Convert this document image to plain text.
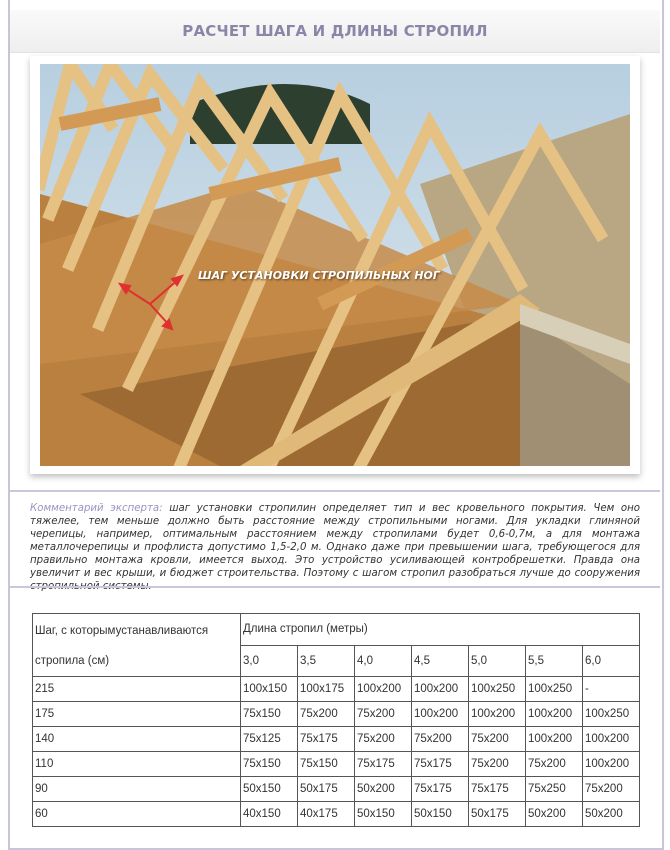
РАСЧЕТ ШАГА И ДЛИНЫ СТРОПИЛ
ШАГ УСТАНОВКИ СТРОПИЛЬНЫХ НОГ
Комментарий эксперта: шаг установки стропилин определяет тип и вес кровельного покрытия. Чем оно тяжелее, тем меньше должно быть расстояние между стропильными ногами. Для укладки глиняной черепицы, например, оптимальным расстоянием между стропилами будет 0,6-0,7м, а для монтажа металлочерепицы и профлиста допустимо 1,5-2,0 м. Однако даже при превышении шага, требующегося для правильно монтажа кровли, имеется выход. Это устройство усиливающей контробрешетки. Правда она увеличит и вес крыши, и бюджет строительства. Поэтому с шагом стропил разобраться лучше до сооружения
Шаг, с которымустанавливаются
стропила (см)	Длина стропил (метры)						
	3,0	3,5	4,0	4,5	5,0	5,5	6,0
215	100x150	100x175	100x200	100x200	100x250	100x250	-
175	75x150	75x200	75x200	100x200	100x200	100x200	100x250
140	75x125	75x175	75x200	75x200	75x200	100x200	100x200
110	75x150	75x150	75x175	75x175	75x200	75x200	100x200
90	50x150	50x175	50x200	75x175	75x175	75x250	75x200
60	40x150	40x175	50x150	50x150	50x175	50x200	50x200
